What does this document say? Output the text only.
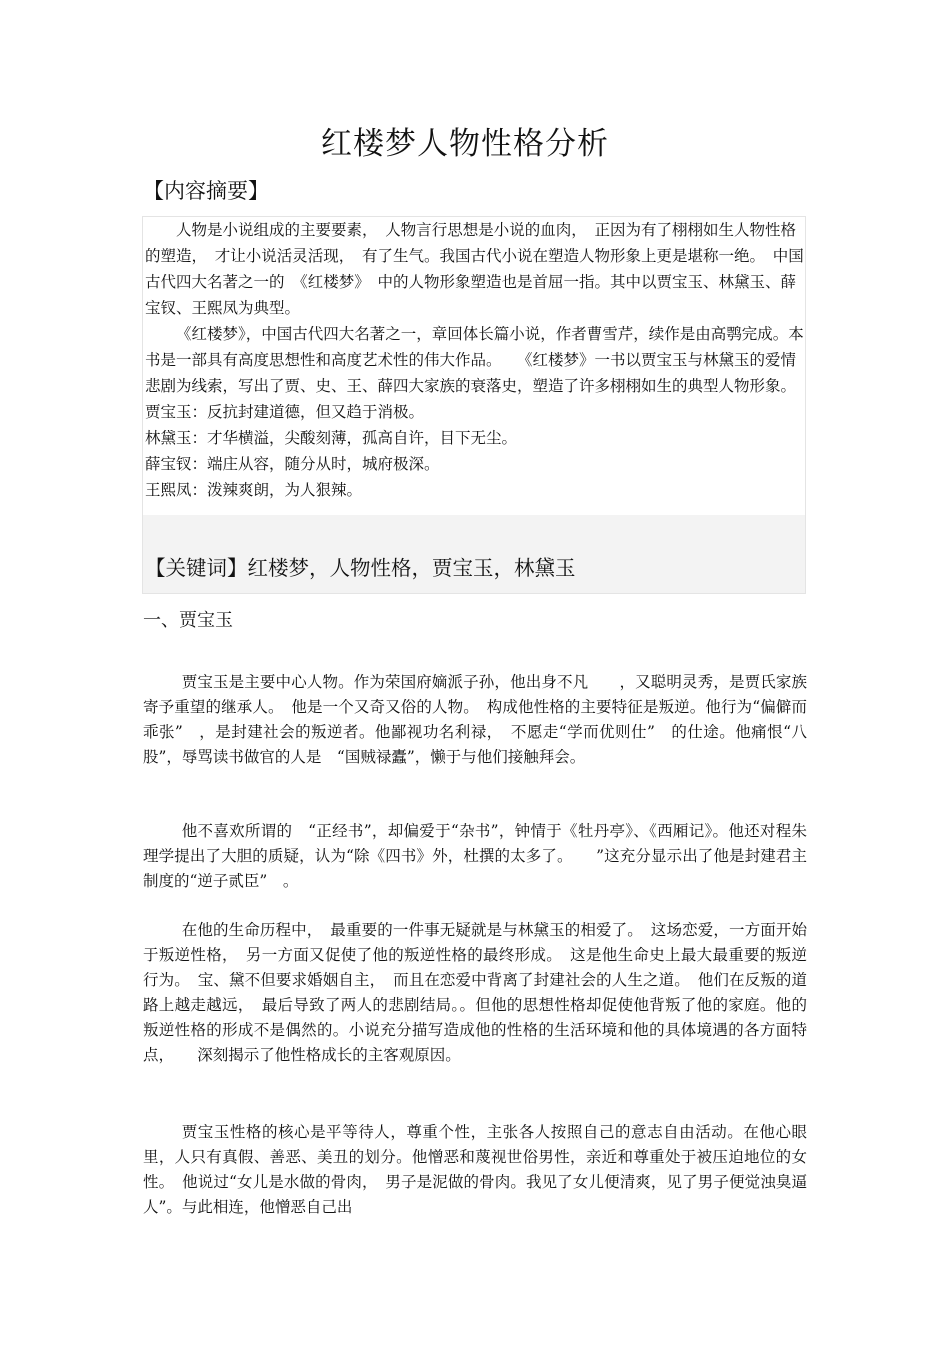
红楼梦人物性格分析
【内容摘要】

人物是小说组成的主要要素，　人物言行思想是小说的血肉，　正因为有了栩栩如生人物性格的塑造，　才让小说活灵活现，　有了生气。我国古代小说在塑造人物形象上更是堪称一绝。　中国古代四大名著之一的　《红楼梦》　中的人物形象塑造也是首屈一指。其中以贾宝玉、林黛玉、薛宝钗、王熙凤为典型。

《红楼梦》，中国古代四大名著之一，章回体长篇小说，作者曹雪芹，续作是由高鹗完成。本书是一部具有高度思想性和高度艺术性的伟大作品。　　《红楼梦》一书以贾宝玉与林黛玉的爱情悲剧为线索，写出了贾、史、王、薛四大家族的衰落史，塑造了许多栩栩如生的典型人物形象。

贾宝玉：反抗封建道德，但又趋于消极。

林黛玉：才华横溢，尖酸刻薄，孤高自许，目下无尘。

薛宝钗：端庄从容，随分从时，城府极深。

王熙凤：泼辣爽朗，为人狠辣。

【关键词】红楼梦，人物性格，贾宝玉，林黛玉
一、贾宝玉

贾宝玉是主要中心人物。作为荣国府嫡派子孙，他出身不凡　　，又聪明灵秀，是贾氏家族寄予重望的继承人。　他是一个又奇又俗的人物。　构成他性格的主要特征是叛逆。他行为“偏僻而乖张”　，是封建社会的叛逆者。他鄙视功名利禄，　不愿走“学而优则仕”　的仕途。他痛恨“八股”，辱骂读书做官的人是　“国贼禄蠹”，懒于与他们接触拜会。

他不喜欢所谓的　“正经书”，却偏爱于“杂书”，钟情于《牡丹亭》、《西厢记》。他还对程朱理学提出了大胆的质疑，认为“除《四书》外，杜撰的太多了。　　”这充分显示出了他是封建君主制度的“逆子贰臣”　。

在他的生命历程中，　最重要的一件事无疑就是与林黛玉的相爱了。　这场恋爱，一方面开始于叛逆性格，　另一方面又促使了他的叛逆性格的最终形成。　这是他生命史上最大最重要的叛逆行为。　宝、黛不但要求婚姻自主，　而且在恋爱中背离了封建社会的人生之道。　他们在反叛的道路上越走越远，　最后导致了两人的悲剧结局。。但他的思想性格却促使他背叛了他的家庭。他的叛逆性格的形成不是偶然的。小说充分描写造成他的性格的生活环境和他的具体境遇的各方面特点，　　深刻揭示了他性格成长的主客观原因。

贾宝玉性格的核心是平等待人，尊重个性，主张各人按照自己的意志自由活动。在他心眼里，人只有真假、善恶、美丑的划分。他憎恶和蔑视世俗男性，亲近和尊重处于被压迫地位的女性。　他说过“女儿是水做的骨肉，　男子是泥做的骨肉。我见了女儿便清爽，见了男子便觉浊臭逼人”。与此相连，他憎恶自己出
